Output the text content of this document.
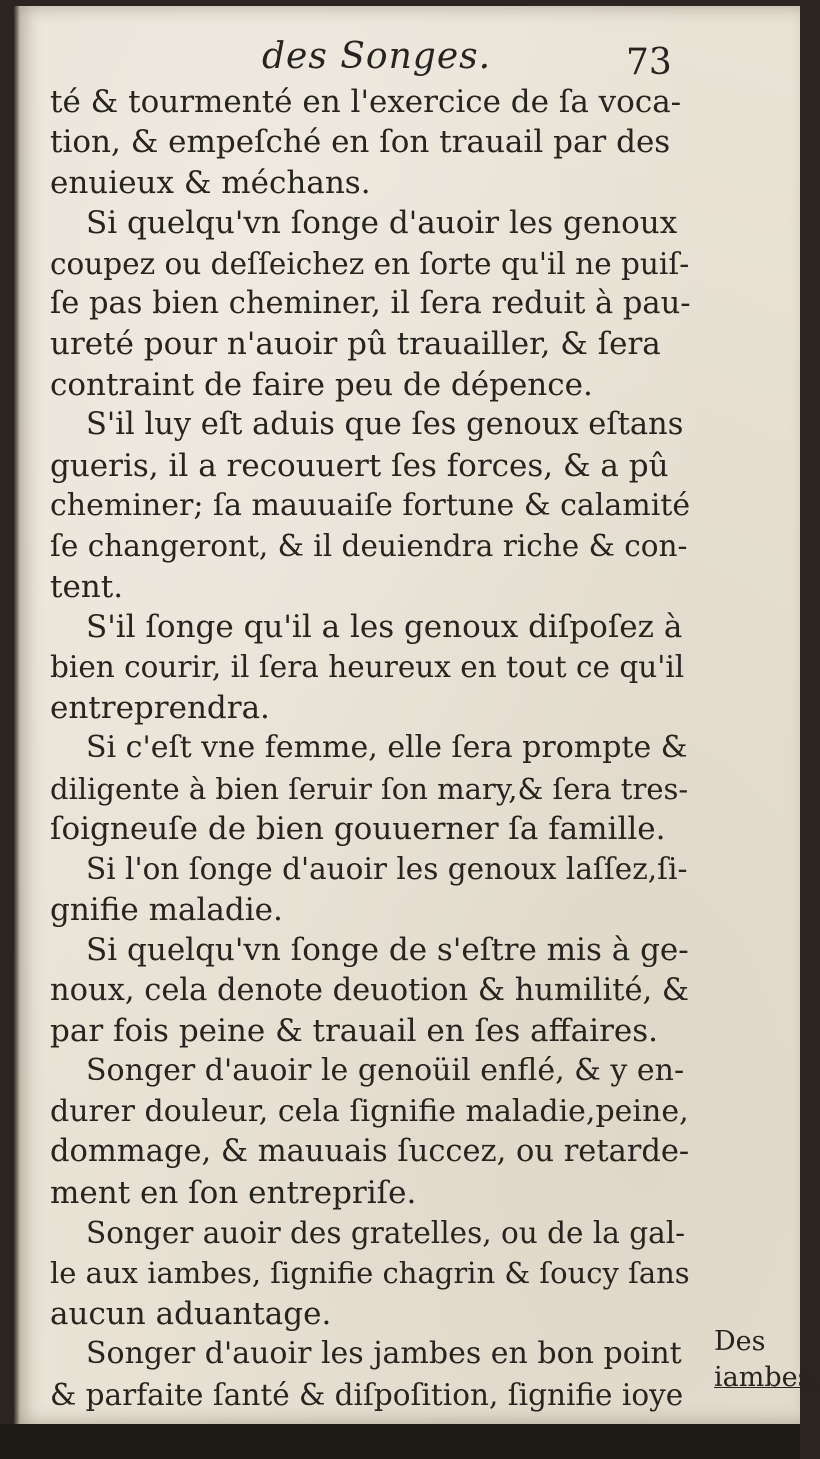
des Songes.	73
té & tourmenté en l'exercice de ſa voca-
tion, & empeſché en ſon trauail par des
enuieux & méchans.
Si quelqu'vn ſonge d'auoir les genoux
coupez ou deſſeichez en ſorte qu'il ne puiſ-
ſe pas bien cheminer, il ſera reduit à pau-
ureté pour n'auoir pû trauailler, & ſera
contraint de faire peu de dépence.
S'il luy eſt aduis que ſes genoux eſtans
gueris, il a recouuert ſes forces, & a pû
cheminer; ſa mauuaiſe fortune & calamité
ſe changeront, & il deuiendra riche & con-
tent.
S'il ſonge qu'il a les genoux diſpoſez à
bien courir, il ſera heureux en tout ce qu'il
entreprendra.
Si c'eſt vne femme, elle ſera prompte &
diligente à bien ſeruir ſon mary,& ſera tres-
ſoigneuſe de bien gouuerner ſa famille.
Si l'on ſonge d'auoir les genoux laſſez,ſi-
gnifie maladie.
Si quelqu'vn ſonge de s'eſtre mis à ge-
noux, cela denote deuotion & humilité, &
par fois peine & trauail en ſes affaires.
Songer d'auoir le genoüil enflé, & y en-
durer douleur, cela ſignifie maladie,peine,
dommage, & mauuais ſuccez, ou retarde-
ment en ſon entrepriſe.
Songer auoir des gratelles, ou de la gal-
le aux iambes, ſignifie chagrin & ſoucy ſans
aucun aduantage.
Songer d'auoir les jambes en bon point
& parfaite ſanté & diſpoſition, ſignifie ioye
Des
iambes.
